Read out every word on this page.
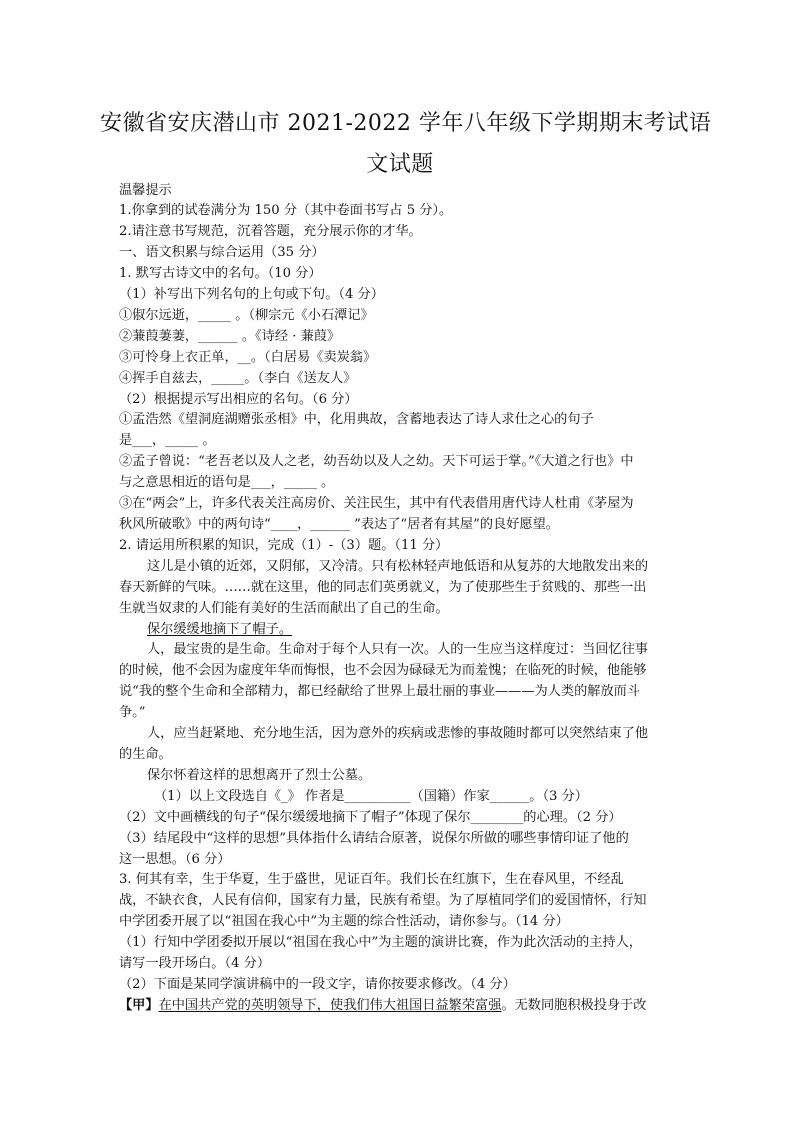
安徽省安庆潜山市 2021-2022 学年八年级下学期期末考试语
文试题
温馨提示
1.你拿到的试卷满分为 150 分（其中卷面书写占 5 分）。
2.请注意书写规范，沉着答题，充分展示你的才华。
一、语文积累与综合运用（35 分）
1. 默写古诗文中的名句。（10 分）
（1）补写出下列名句的上句或下句。（4 分）
①俶尔远逝，_____ 。（柳宗元《小石潭记》
②蒹葭萋萋，______ 。《诗经 · 蒹葭》
③可怜身上衣正单，__。（白居易《卖炭翁》
④挥手自兹去，_____。（李白《送友人》
（2）根据提示写出相应的名句。（6 分）
①孟浩然《望洞庭湖赠张丞相》中，化用典故，含蓄地表达了诗人求仕之心的句子
是___，_____ 。
②孟子曾说：“老吾老以及人之老，幼吾幼以及人之幼。天下可运于掌。”《大道之行也》中
与之意思相近的语句是___，_____ 。
③在“两会”上，许多代表关注高房价、关注民生，其中有代表借用唐代诗人杜甫《茅屋为
秋风所破歌》中的两句诗“____，______ ”表达了“居者有其屋”的良好愿望。
2. 请运用所积累的知识，完成（1）-（3）题。（11 分）
这儿是小镇的近郊，又阴郁，又冷清。只有松林轻声地低语和从复苏的大地散发出来的
春天新鲜的气味。……就在这里，他的同志们英勇就义，为了使那些生于贫贱的、那些一出
生就当奴隶的人们能有美好的生活而献出了自己的生命。
保尔缓缓地摘下了帽子。
人，最宝贵的是生命。生命对于每个人只有一次。人的一生应当这样度过：当回忆往事
的时候，他不会因为虚度年华而悔恨，也不会因为碌碌无为而羞愧；在临死的时候，他能够
说“我的整个生命和全部精力，都已经献给了世界上最壮丽的事业———为人类的解放而斗
争。”
人，应当赶紧地、充分地生活，因为意外的疾病或悲惨的事故随时都可以突然结束了他
的生命。
保尔怀着这样的思想离开了烈士公墓。
（1）以上文段选自《_》 作者是__________（国籍）作家______。（3 分）
（2）文中画横线的句子“保尔缓缓地摘下了帽子”体现了保尔________的心理。（2 分）
（3）结尾段中“这样的思想”具体指什么请结合原著，说保尔所做的哪些事情印证了他的
这一思想。（6 分）
3. 何其有幸，生于华夏，生于盛世，见证百年。我们长在红旗下，生在春风里，不经乱
战，不缺衣食，人民有信仰，国家有力量，民族有希望。为了厚植同学们的爱国情怀，行知
中学团委开展了以“祖国在我心中”为主题的综合性活动，请你参与。（14 分）
（1）行知中学团委拟开展以“祖国在我心中”为主题的演讲比赛，作为此次活动的主持人，
请写一段开场白。（4 分）
（2）下面是某同学演讲稿中的一段文字，请你按要求修改。（4 分）
【甲】在中国共产党的英明领导下，使我们伟大祖国日益繁荣富强。无数同胞积极投身于改
